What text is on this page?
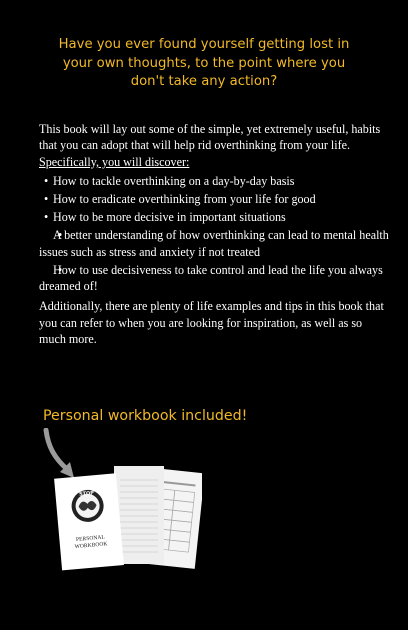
Have you ever found yourself getting lost in
your own thoughts, to the point where you
don't take any action?

This book will lay out some of the simple, yet extremely useful, habits that you can adopt that will help rid overthinking from your life.

Specifically, you will discover:

• How to tackle overthinking on a day-by-day basis
• How to eradicate overthinking from your life for good
• How to be more decisive in important situations
• A better understanding of how overthinking can lead to mental health issues such as stress and anxiety if not treated
• How to use decisiveness to take control and lead the life you always dreamed of!

Additionally, there are plenty of life examples and tips in this book that you can refer to when you are looking for inspiration, as well as so much more.

Personal workbook included!
STOP
PERSONAL
WORKBOOK
